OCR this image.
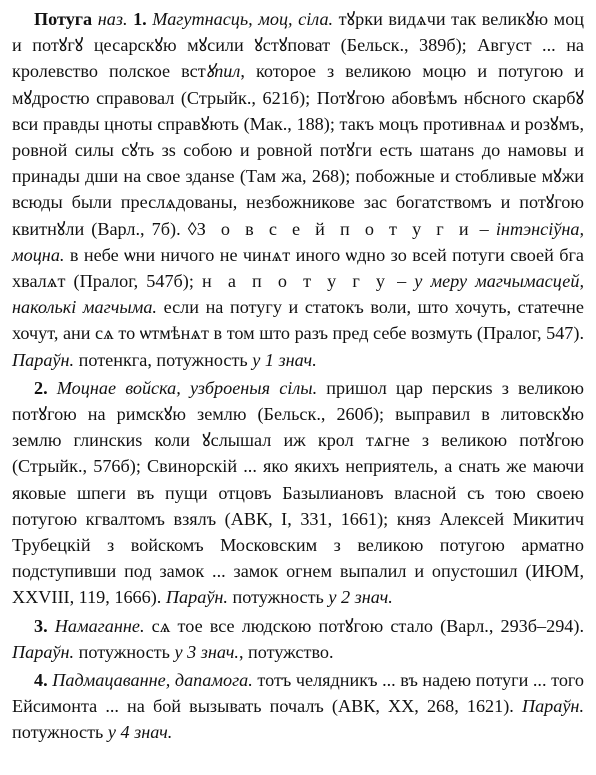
Потуга наз. 1. Магутнасць, моц, сіла. тꙋрки видѧчи так великꙋю моц и потꙋгꙋ цесарскꙋю мꙋсили ꙋстꙋповат (Бельск., 389б); Август ... на кролевство полское встꙋпил, которое з великою моцю и потугою и мꙋдростю справовал (Стрыйк., 621б); Потꙋгою абовѣмъ нбсного скарбꙋ вси правды цноты справꙋють (Мак., 188); такъ моцъ противнаѧ и розꙋмъ, ровной силы сꙋть зѕ собою и ровной потꙋги есть шатанѕ до намовы и принады дши на свое зданѕе (Там жа, 268); побожные и стобливые мꙋжи всюды были преслѧдованы, незбожникове зас богатствомъ и потꙋгою квитнꙋли (Варл., 7б). ◊З о в с е й п о т у г и – інтэнсіўна, моцна. в небе ѡни ничого не чинѧт иного ѡдно зо всей потуги своей бга хвалѧт (Пралог, 547б); н а п о т у г у – у меру магчымасцей, наколькі магчыма. если на потугу и статокъ воли, што хочуть, статечне хочут, ани сѧ то ѡтмѣнѧт в том што разъ пред себе возмуть (Пралог, 547). Параўн. потенкга, потужность у 1 знач.

2. Моцнае войска, узброеныя сілы. пришол цар перскиѕ з великою потꙋгою на римскꙋю землю (Бельск., 260б); выправил в литовскꙋю землю глинскиѕ коли ꙋслышал иж крол тѧгне з великою потꙋгою (Стрыйк., 576б); Свинорскій ... яко якихъ неприятель, а снать же маючи яковые шпеги въ пущи отцовъ Базылиановъ власной съ тою своею потугою кгвалтомъ взялъ (АВК, I, 331, 1661); княз Алексей Микитич Трубецкій з войскомъ Московским з великою потугою арматно подступивши под замок ... замок огнем выпалил и опустошил (ИЮМ, XXVIII, 119, 1666). Параўн. потужность у 2 знач.

3. Намаганне. сѧ тое все людскою потꙋгою стало (Варл., 293б–294). Параўн. потужность у 3 знач., потужство.

4. Падмацаванне, дапамога. тотъ челядникъ ... въ надею потуги ... того Ейсимонта ... на бой вызывать почалъ (АВК, XX, 268, 1621). Параўн. потужность у 4 знач.
